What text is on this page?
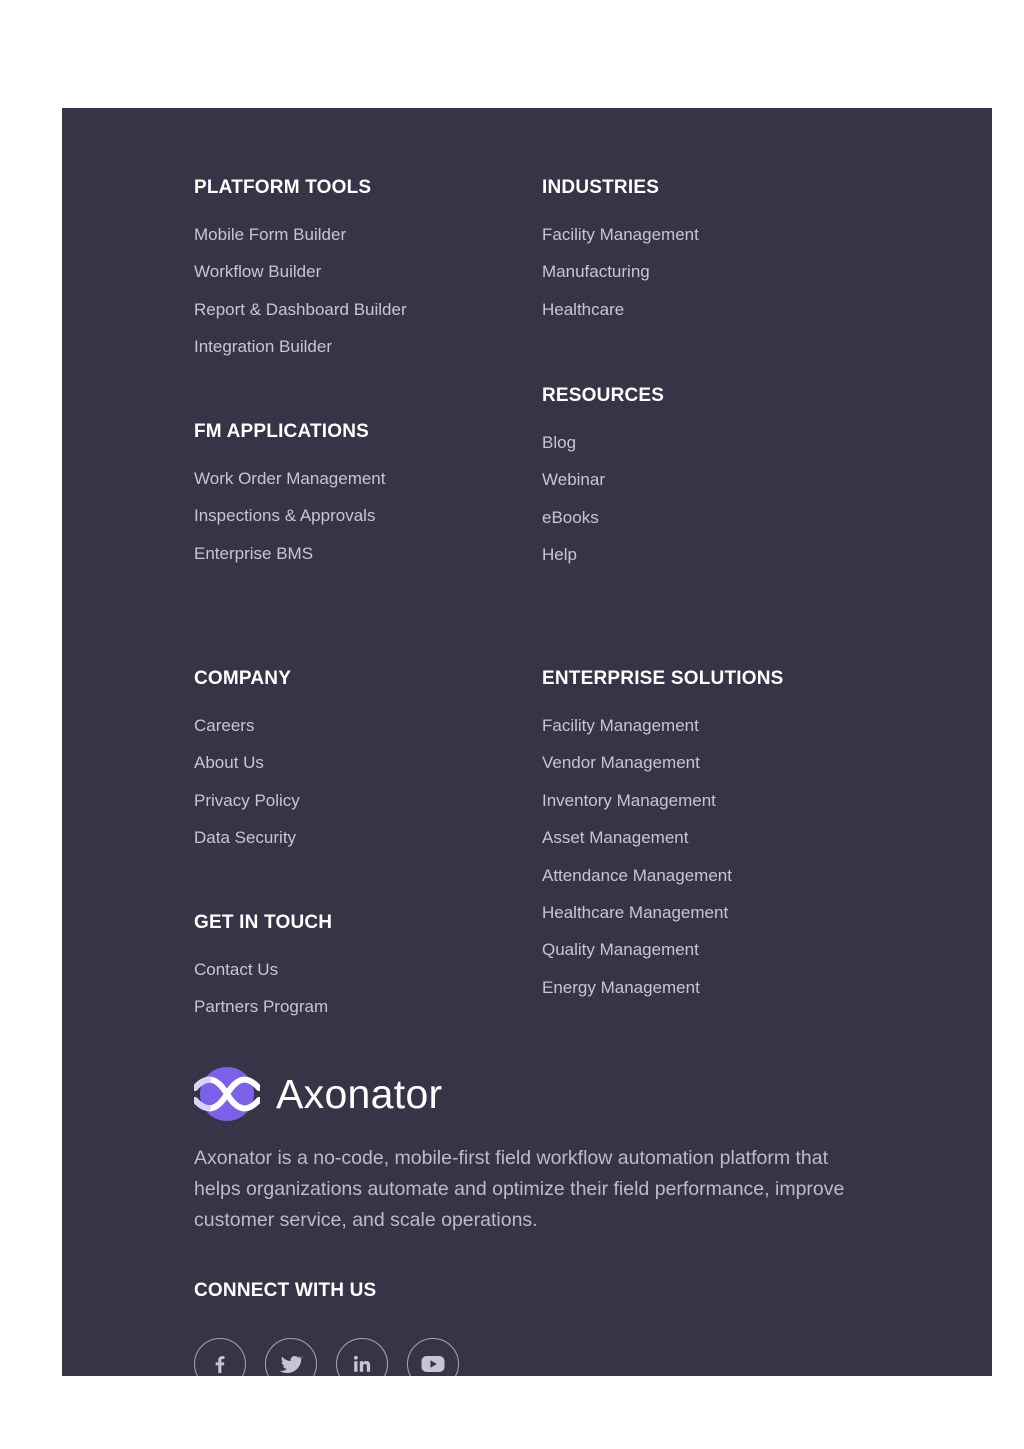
PLATFORM TOOLS
Mobile Form Builder
Workflow Builder
Report & Dashboard Builder
Integration Builder
INDUSTRIES
Facility Management
Manufacturing
Healthcare
RESOURCES
Blog
Webinar
eBooks
Help
FM APPLICATIONS
Work Order Management
Inspections & Approvals
Enterprise BMS
COMPANY
Careers
About Us
Privacy Policy
Data Security
ENTERPRISE SOLUTIONS
Facility Management
Vendor Management
Inventory Management
Asset Management
Attendance Management
Healthcare Management
Quality Management
Energy Management
GET IN TOUCH
Contact Us
Partners Program
Axonator

Axonator is a no-code, mobile-first field workflow automation platform that helps organizations automate and optimize their field performance, improve customer service, and scale operations.

CONNECT WITH US
